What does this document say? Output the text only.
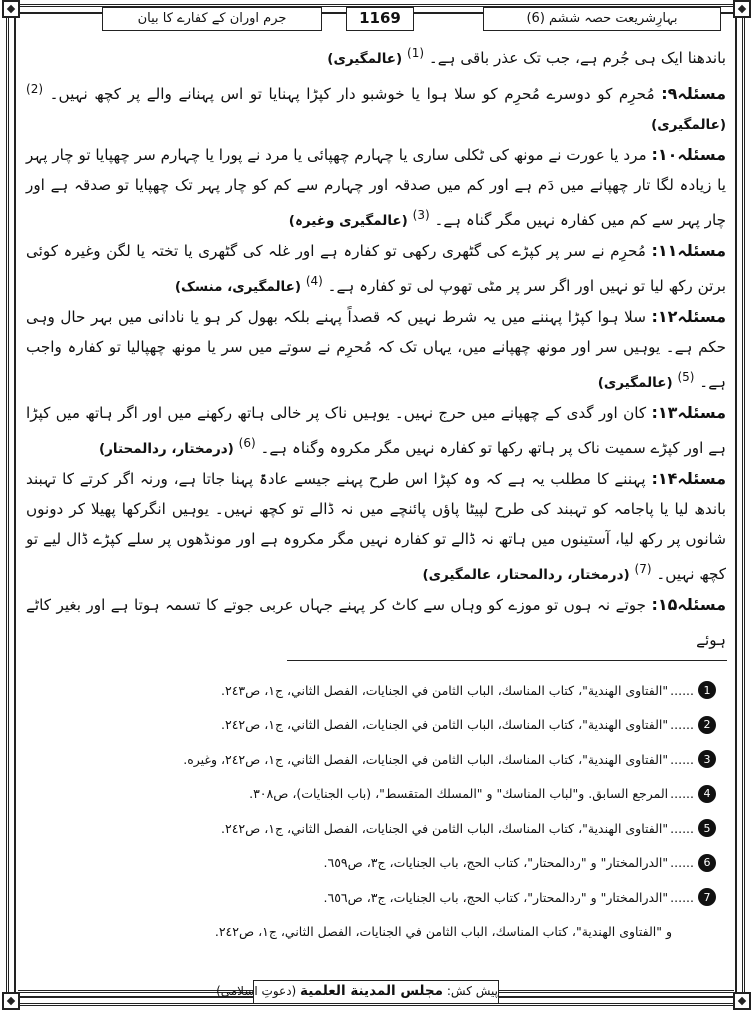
بہارِشریعت حصہ ششم (6)
1169
جرم اوران کے کفارے کا بیان

باندھنا ایک ہی جُرم ہے، جب تک عذر باقی ہے۔ $^{(1)}$ (عالمگیری)

مسئلہ۹: مُحرِم کو دوسرے مُحرِم کو سلا ہوا یا خوشبو دار کپڑا پہنایا تو اس پہنانے والے پر کچھ نہیں۔ $^{(2)}$ (عالمگیری)

مسئلہ۱۰: مرد یا عورت نے مونھ کی ٹکلی ساری یا چہارم چھپائی یا مرد نے پورا یا چہارم سر چھپایا تو چار پہر یا زیادہ لگا تار چھپانے میں دَم ہے اور کم میں صدقہ اور چہارم سے کم کو چار پہر تک چھپایا تو صدقہ ہے اور چار پہر سے کم میں کفارہ نہیں مگر گناہ ہے۔ $^{(3)}$ (عالمگیری وغیرہ)

مسئلہ۱۱: مُحرِم نے سر پر کپڑے کی گٹھری رکھی تو کفارہ ہے اور غلہ کی گٹھری یا تختہ یا لگن وغیرہ کوئی برتن رکھ لیا تو نہیں اور اگر سر پر مٹی تھوپ لی تو کفارہ ہے۔ $^{(4)}$ (عالمگیری، منسک)

مسئلہ۱۲: سلا ہوا کپڑا پہننے میں یہ شرط نہیں کہ قصداً پہنے بلکہ بھول کر ہو یا نادانی میں بہر حال وہی حکم ہے۔ یوہیں سر اور مونھ چھپانے میں، یہاں تک کہ مُحرِم نے سوتے میں سر یا مونھ چھپالیا تو کفارہ واجب ہے۔ $^{(5)}$ (عالمگیری)

مسئلہ۱۳: کان اور گدی کے چھپانے میں حرج نہیں۔ یوہیں ناک پر خالی ہاتھ رکھنے میں اور اگر ہاتھ میں کپڑا ہے اور کپڑے سمیت ناک پر ہاتھ رکھا تو کفارہ نہیں مگر مکروہ وگناہ ہے۔ $^{(6)}$ (درمختار، ردالمحتار)

مسئلہ۱۴: پہننے کا مطلب یہ ہے کہ وہ کپڑا اس طرح پہنے جیسے عادۃً پہنا جاتا ہے، ورنہ اگر کرتے کا تہبند باندھ لیا یا پاجامہ کو تہبند کی طرح لپیٹا پاؤں پائنچے میں نہ ڈالے تو کچھ نہیں۔ یوہیں انگرکھا پھیلا کر دونوں شانوں پر رکھ لیا، آستینوں میں ہاتھ نہ ڈالے تو کفارہ نہیں مگر مکروہ ہے اور مونڈھوں پر سلے کپڑے ڈال لیے تو کچھ نہیں۔ $^{(7)}$ (درمختار، ردالمحتار، عالمگیری)

مسئلہ۱۵: جوتے نہ ہوں تو موزے کو وہاں سے کاٹ کر پہنے جہاں عربی جوتے کا تسمہ ہوتا ہے اور بغیر کاٹے ہوئے

1
......
"الفتاوى الهندية"، كتاب المناسك، الباب الثامن في الجنايات، الفصل الثاني، ج١، ص٢٤٣.
2
......
"الفتاوى الهندية"، كتاب المناسك، الباب الثامن في الجنايات، الفصل الثاني، ج١، ص٢٤٢.
3
......
"الفتاوى الهندية"، كتاب المناسك، الباب الثامن في الجنايات، الفصل الثاني، ج١، ص٢٤٢، وغيره.
4
......
المرجع السابق. و"لباب المناسك" و "المسلك المتقسط"، (باب الجنايات)، ص٣٠٨.
5
......
"الفتاوى الهندية"، كتاب المناسك، الباب الثامن في الجنايات، الفصل الثاني، ج١، ص٢٤٢.
6
......
"الدرالمختار" و "ردالمحتار"، كتاب الحج، باب الجنايات، ج٣، ص٦٥٩.
7
......
"الدرالمختار" و "ردالمحتار"، كتاب الحج، باب الجنايات، ج٣، ص٦٥٦.
و "الفتاوى الهندية"، كتاب المناسك، الباب الثامن في الجنايات، الفصل الثاني، ج١، ص٢٤٢.
پیش کش: مجلس المدينة العلمية (دعوتِ اسلامی)
